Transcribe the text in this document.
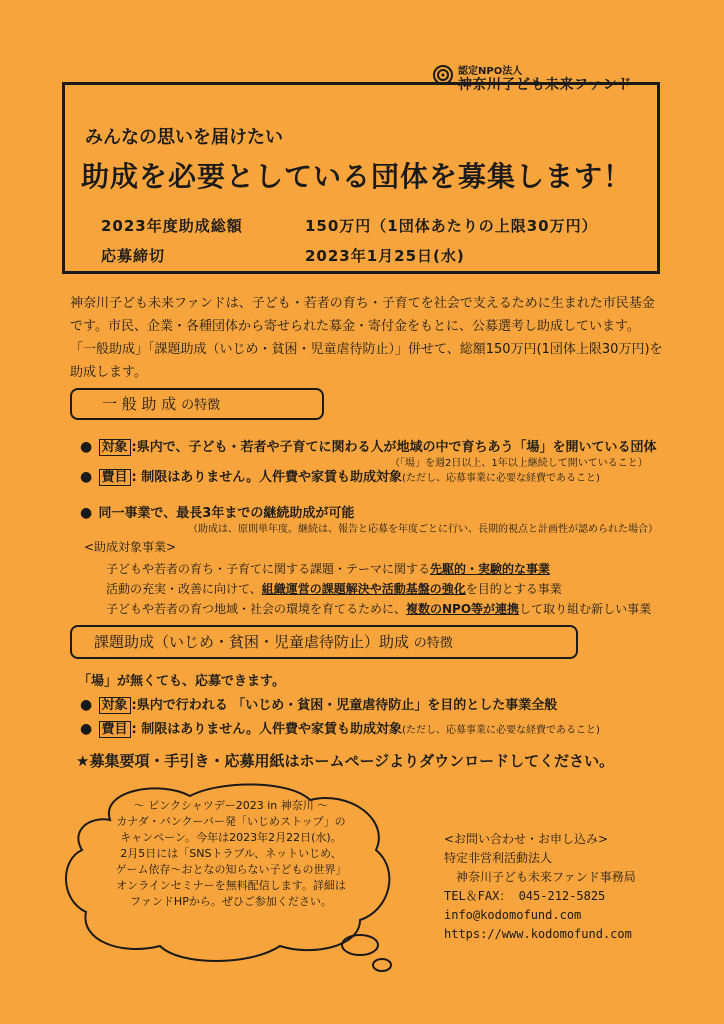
認定NPO法人
神奈川子ども未来ファンド
みんなの思いを届けたい
助成を必要としている団体を募集します！
2023年度助成総額	150万円（1団体あたりの上限30万円）
応募締切	2023年1月25日(水)

神奈川子ども未来ファンドは、子ども・若者の育ち・子育てを社会で支えるために生まれた市民基金

です。市民、企業・各種団体から寄せられた募金・寄付金をもとに、公募選考し助成しています。

「一般助成」「課題助成（いじめ・貧困・児童虐待防止）」併せて、総額150万円(1団体上限30万円)を

助成します。

一 般 助 成 の特徴
● 対象 :県内で、子ども・若者や子育てに関わる人が地域の中で育ちあう「場」を開いている団体
（「場」を週2日以上、1年以上継続して開いていること）
● 費目 : 制限はありません。人件費や家賃も助成対象(ただし、応募事業に必要な経費であること)
● 同一事業で、最長3年までの継続助成が可能
（助成は、原則単年度。継続は、報告と応募を年度ごとに行い、長期的視点と計画性が認められた場合）
<助成対象事業>
子どもや若者の育ち・子育てに関する課題・テーマに関する先駆的・実験的な事業
活動の充実・改善に向けて、組織運営の課題解決や活動基盤の強化を目的とする事業
子どもや若者の育つ地域・社会の環境を育てるために、複数のNPO等が連携して取り組む新しい事業
課題助成（いじめ・貧困・児童虐待防止）助成 の特徴
「場」が無くても、応募できます。
● 対象 :県内で行われる 「いじめ・貧困・児童虐待防止」を目的とした事業全般
● 費目 : 制限はありません。人件費や家賃も助成対象(ただし、応募事業に必要な経費であること)
★募集要項・手引き・応募用紙はホームページよりダウンロードしてください。
～ ピンクシャツデー2023 in 神奈川 ～
カナダ・バンクーバー発「いじめストップ」の
キャンペーン。今年は2023年2月22日(水)。
2月5日には「SNSトラブル、ネットいじめ、
ゲーム依存～おとなの知らない子どもの世界」
オンラインセミナーを無料配信します。詳細は
ファンドHPから。ぜひご参加ください。
<お問い合わせ・お申し込み>
特定非営利活動法人
神奈川子ども未来ファンド事務局
TEL＆FAX： 045-212-5825
info@kodomofund.com
https://www.kodomofund.com
